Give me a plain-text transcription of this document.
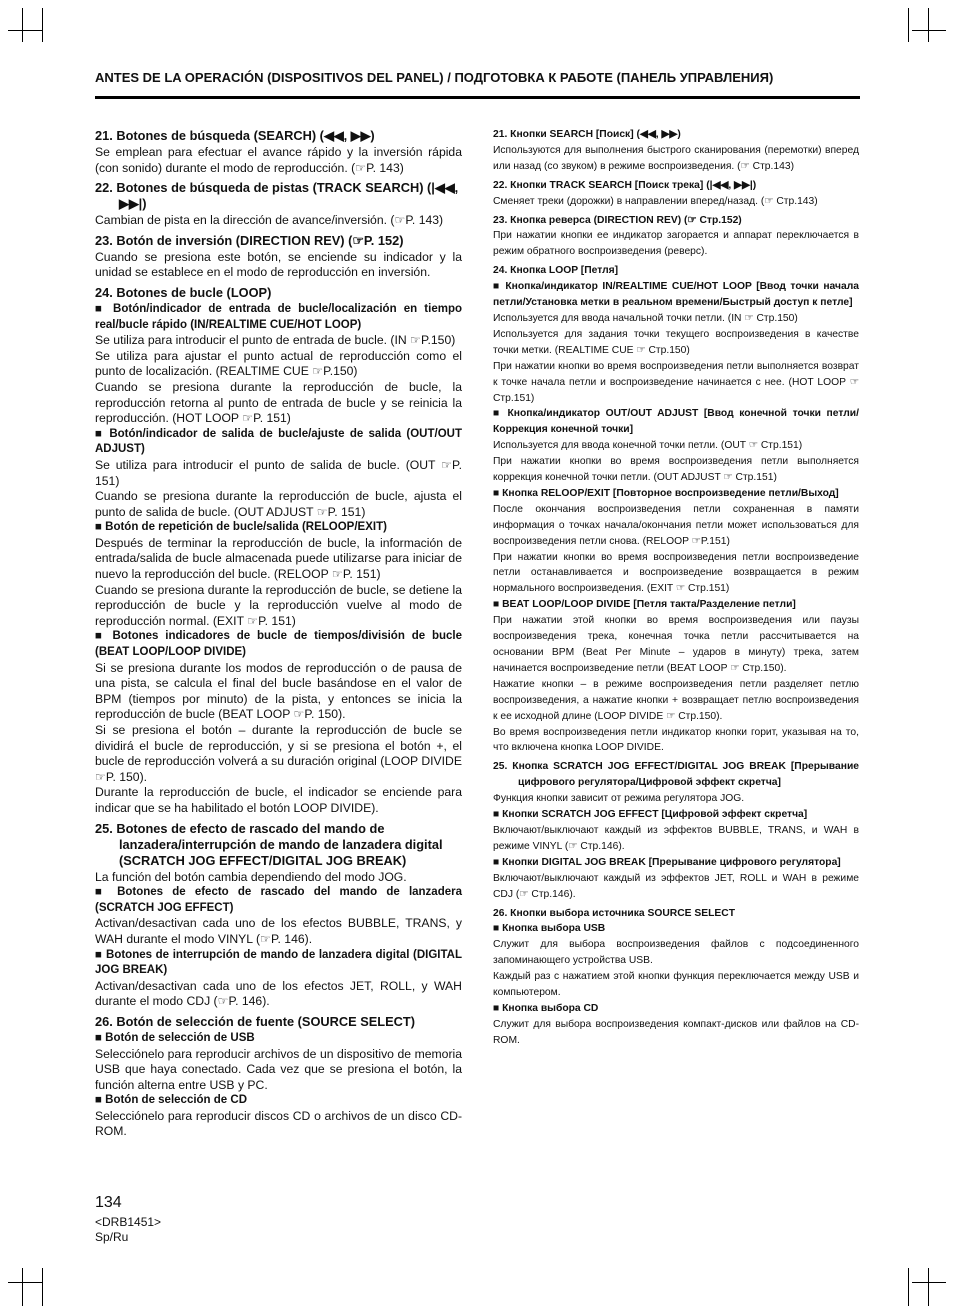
ANTES DE LA OPERACIÓN (DISPOSITIVOS DEL PANEL) / ПОДГОТОВКА К РАБОТЕ (ПАНЕЛЬ УПРАВЛЕНИЯ)
21. Botones de búsqueda (SEARCH) (◀◀, ▶▶)
Se emplean para efectuar el avance rápido y la inversión rápida (con sonido) durante el modo de reproducción. (☞P. 143)
22. Botones de búsqueda de pistas (TRACK SEARCH) (|◀◀, ▶▶|)
Cambian de pista en la dirección de avance/inversión. (☞P. 143)
23. Botón de inversión (DIRECTION REV) (☞P. 152)
Cuando se presiona este botón, se enciende su indicador y la unidad se establece en el modo de reproducción en inversión.
24. Botones de bucle (LOOP)
■ Botón/indicador de entrada de bucle/localización en tiempo real/bucle rápido (IN/REALTIME CUE/HOT LOOP)
Se utiliza para introducir el punto de entrada de bucle. (IN ☞P.150)
Se utiliza para ajustar el punto actual de reproducción como el punto de localización. (REALTIME CUE ☞P.150)
Cuando se presiona durante la reproducción de bucle, la reproducción retorna al punto de entrada de bucle y se reinicia la reproducción. (HOT LOOP ☞P. 151)
■ Botón/indicador de salida de bucle/ajuste de salida (OUT/OUT ADJUST)
Se utiliza para introducir el punto de salida de bucle. (OUT ☞P. 151)
Cuando se presiona durante la reproducción de bucle, ajusta el punto de salida de bucle. (OUT ADJUST ☞P. 151)
■ Botón de repetición de bucle/salida (RELOOP/EXIT)
Después de terminar la reproducción de bucle, la información de entrada/salida de bucle almacenada puede utilizarse para iniciar de nuevo la reproducción del bucle. (RELOOP ☞P. 151)
Cuando se presiona durante la reproducción de bucle, se detiene la reproducción de bucle y la reproducción vuelve al modo de reproducción normal. (EXIT ☞P. 151)
■ Botones indicadores de bucle de tiempos/división de bucle (BEAT LOOP/LOOP DIVIDE)
Si se presiona durante los modos de reproducción o de pausa de una pista, se calcula el final del bucle basándose en el valor de BPM (tiempos por minuto) de la pista, y entonces se inicia la reproducción de bucle (BEAT LOOP ☞P. 150).
Si se presiona el botón – durante la reproducción de bucle se dividirá el bucle de reproducción, y si se presiona el botón +, el bucle de reproducción volverá a su duración original (LOOP DIVIDE ☞P. 150).
Durante la reproducción de bucle, el indicador se enciende para indicar que se ha habilitado el botón LOOP DIVIDE).
25. Botones de efecto de rascado del mando de lanzadera/interrupción de mando de lanzadera digital (SCRATCH JOG EFFECT/DIGITAL JOG BREAK)
La función del botón cambia dependiendo del modo JOG.
■ Botones de efecto de rascado del mando de lanzadera (SCRATCH JOG EFFECT)
Activan/desactivan cada uno de los efectos BUBBLE, TRANS, y WAH durante el modo VINYL (☞P. 146).
■ Botones de interrupción de mando de lanzadera digital (DIGITAL JOG BREAK)
Activan/desactivan cada uno de los efectos JET, ROLL, y WAH durante el modo CDJ (☞P. 146).
26. Botón de selección de fuente (SOURCE SELECT)
■ Botón de selección de USB
Selecciónelo para reproducir archivos de un dispositivo de memoria USB que haya conectado. Cada vez que se presiona el botón, la función alterna entre USB y PC.
■ Botón de selección de CD
Selecciónelo para reproducir discos CD o archivos de un disco CD-ROM.
21. Кнопки SEARCH [Поиск] (◀◀, ▶▶)
Используются для выполнения быстрого сканирования (перемотки) вперед или назад (со звуком) в режиме воспроизведения. (☞ Стр.143)
22. Кнопки TRACK SEARCH [Поиск трека] (|◀◀, ▶▶|)
Сменяет треки (дорожки) в направлении вперед/назад. (☞ Стр.143)
23. Кнопка реверса (DIRECTION REV) (☞ Стр.152)
При нажатии кнопки ее индикатор загорается и аппарат переключается в режим обратного воспроизведения (реверс).
24. Кнопка LOOP [Петля]
■ Кнопка/индикатор IN/REALTIME CUE/HOT LOOP [Ввод точки начала петли/Установка метки в реальном времени/Быстрый доступ к петле]
Используется для ввода начальной точки петли. (IN ☞ Стр.150)
Используется для задания точки текущего воспроизведения в качестве точки метки. (REALTIME CUE ☞ Стр.150)
При нажатии кнопки во время воспроизведения петли выполняется возврат к точке начала петли и воспроизведение начинается с нее. (HOT LOOP ☞ Стр.151)
■ Кнопка/индикатор OUT/OUT ADJUST [Ввод конечной точки петли/Коррекция конечной точки]
Используется для ввода конечной точки петли. (OUT ☞ Стр.151)
При нажатии кнопки во время воспроизведения петли выполняется коррекция конечной точки петли. (OUT ADJUST ☞ Стр.151)
■ Кнопка RELOOP/EXIT [Повторное воспроизведение петли/Выход]
После окончания воспроизведения петли сохраненная в памяти информация о точках начала/окончания петли может использоваться для воспроизведения петли снова. (RELOOP ☞P.151)
При нажатии кнопки во время воспроизведения петли воспроизведение петли останавливается и воспроизведение возвращается в режим нормального воспроизведения. (EXIT ☞ Стр.151)
■ BEAT LOOP/LOOP DIVIDE [Петля такта/Разделение петли]
При нажатии этой кнопки во время воспроизведения или паузы воспроизведения трека, конечная точка петли рассчитывается на основании BPM (Beat Per Minute – ударов в минуту) трека, затем начинается воспроизведение петли (BEAT LOOP ☞ Стр.150).
Нажатие кнопки – в режиме воспроизведения петли разделяет петлю воспроизведения, а нажатие кнопки + возвращает петлю воспроизведения к ее исходной длине (LOOP DIVIDE ☞ Стр.150).
Во время воспроизведения петли индикатор кнопки горит, указывая на то, что включена кнопка LOOP DIVIDE.
25. Кнопка SCRATCH JOG EFFECT/DIGITAL JOG BREAK [Прерывание цифрового регулятора/Цифровой эффект скретча]
Функция кнопки зависит от режима регулятора JOG.
■ Кнопки SCRATCH JOG EFFECT [Цифровой эффект скретча]
Включают/выключают каждый из эффектов BUBBLE, TRANS, и WAH в режиме VINYL (☞ Стр.146).
■ Кнопки DIGITAL JOG BREAK [Прерывание цифрового регулятора]
Включают/выключают каждый из эффектов JET, ROLL и WAH в режиме CDJ (☞ Стр.146).
26. Кнопки выбора источника SOURCE SELECT
■ Кнопка выбора USB
Служит для выбора воспроизведения файлов с подсоединенного запоминающего устройства USB.
Каждый раз с нажатием этой кнопки функция переключается между USB и компьютером.
■ Кнопка выбора CD
Служит для выбора воспроизведения компакт-дисков или файлов на CD-ROM.
134
<DRB1451>
Sp/Ru
